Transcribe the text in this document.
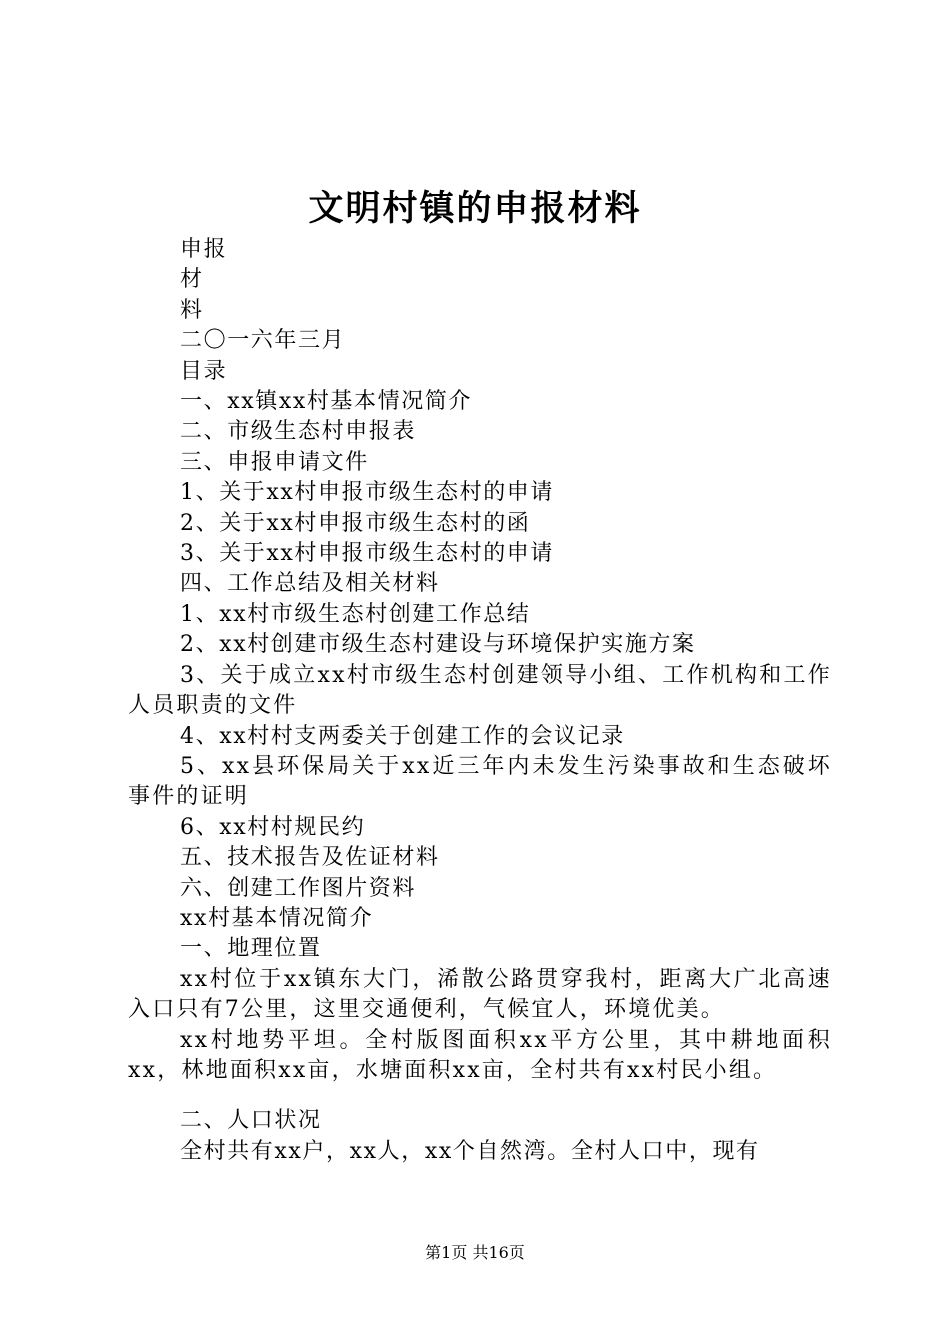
文明村镇的申报材料

申报

材

料

二〇一六年三月

目录

一、xx镇xx村基本情况简介

二、市级生态村申报表

三、申报申请文件

1、关于xx村申报市级生态村的申请

2、关于xx村申报市级生态村的函

3、关于xx村申报市级生态村的申请

四、工作总结及相关材料

1、xx村市级生态村创建工作总结

2、xx村创建市级生态村建设与环境保护实施方案

3、关于成立xx村市级生态村创建领导小组、工作机构和工作人员职责的文件

4、xx村村支两委关于创建工作的会议记录

5、xx县环保局关于xx近三年内未发生污染事故和生态破坏事件的证明

6、xx村村规民约

五、技术报告及佐证材料

六、创建工作图片资料

xx村基本情况简介

一、地理位置

xx村位于xx镇东大门，浠散公路贯穿我村，距离大广北高速入口只有7公里，这里交通便利，气候宜人，环境优美。

xx村地势平坦。全村版图面积xx平方公里，其中耕地面积xx，林地面积xx亩，水塘面积xx亩，全村共有xx村民小组。

二、人口状况

全村共有xx户，xx人，xx个自然湾。全村人口中，现有

第1页 共16页
